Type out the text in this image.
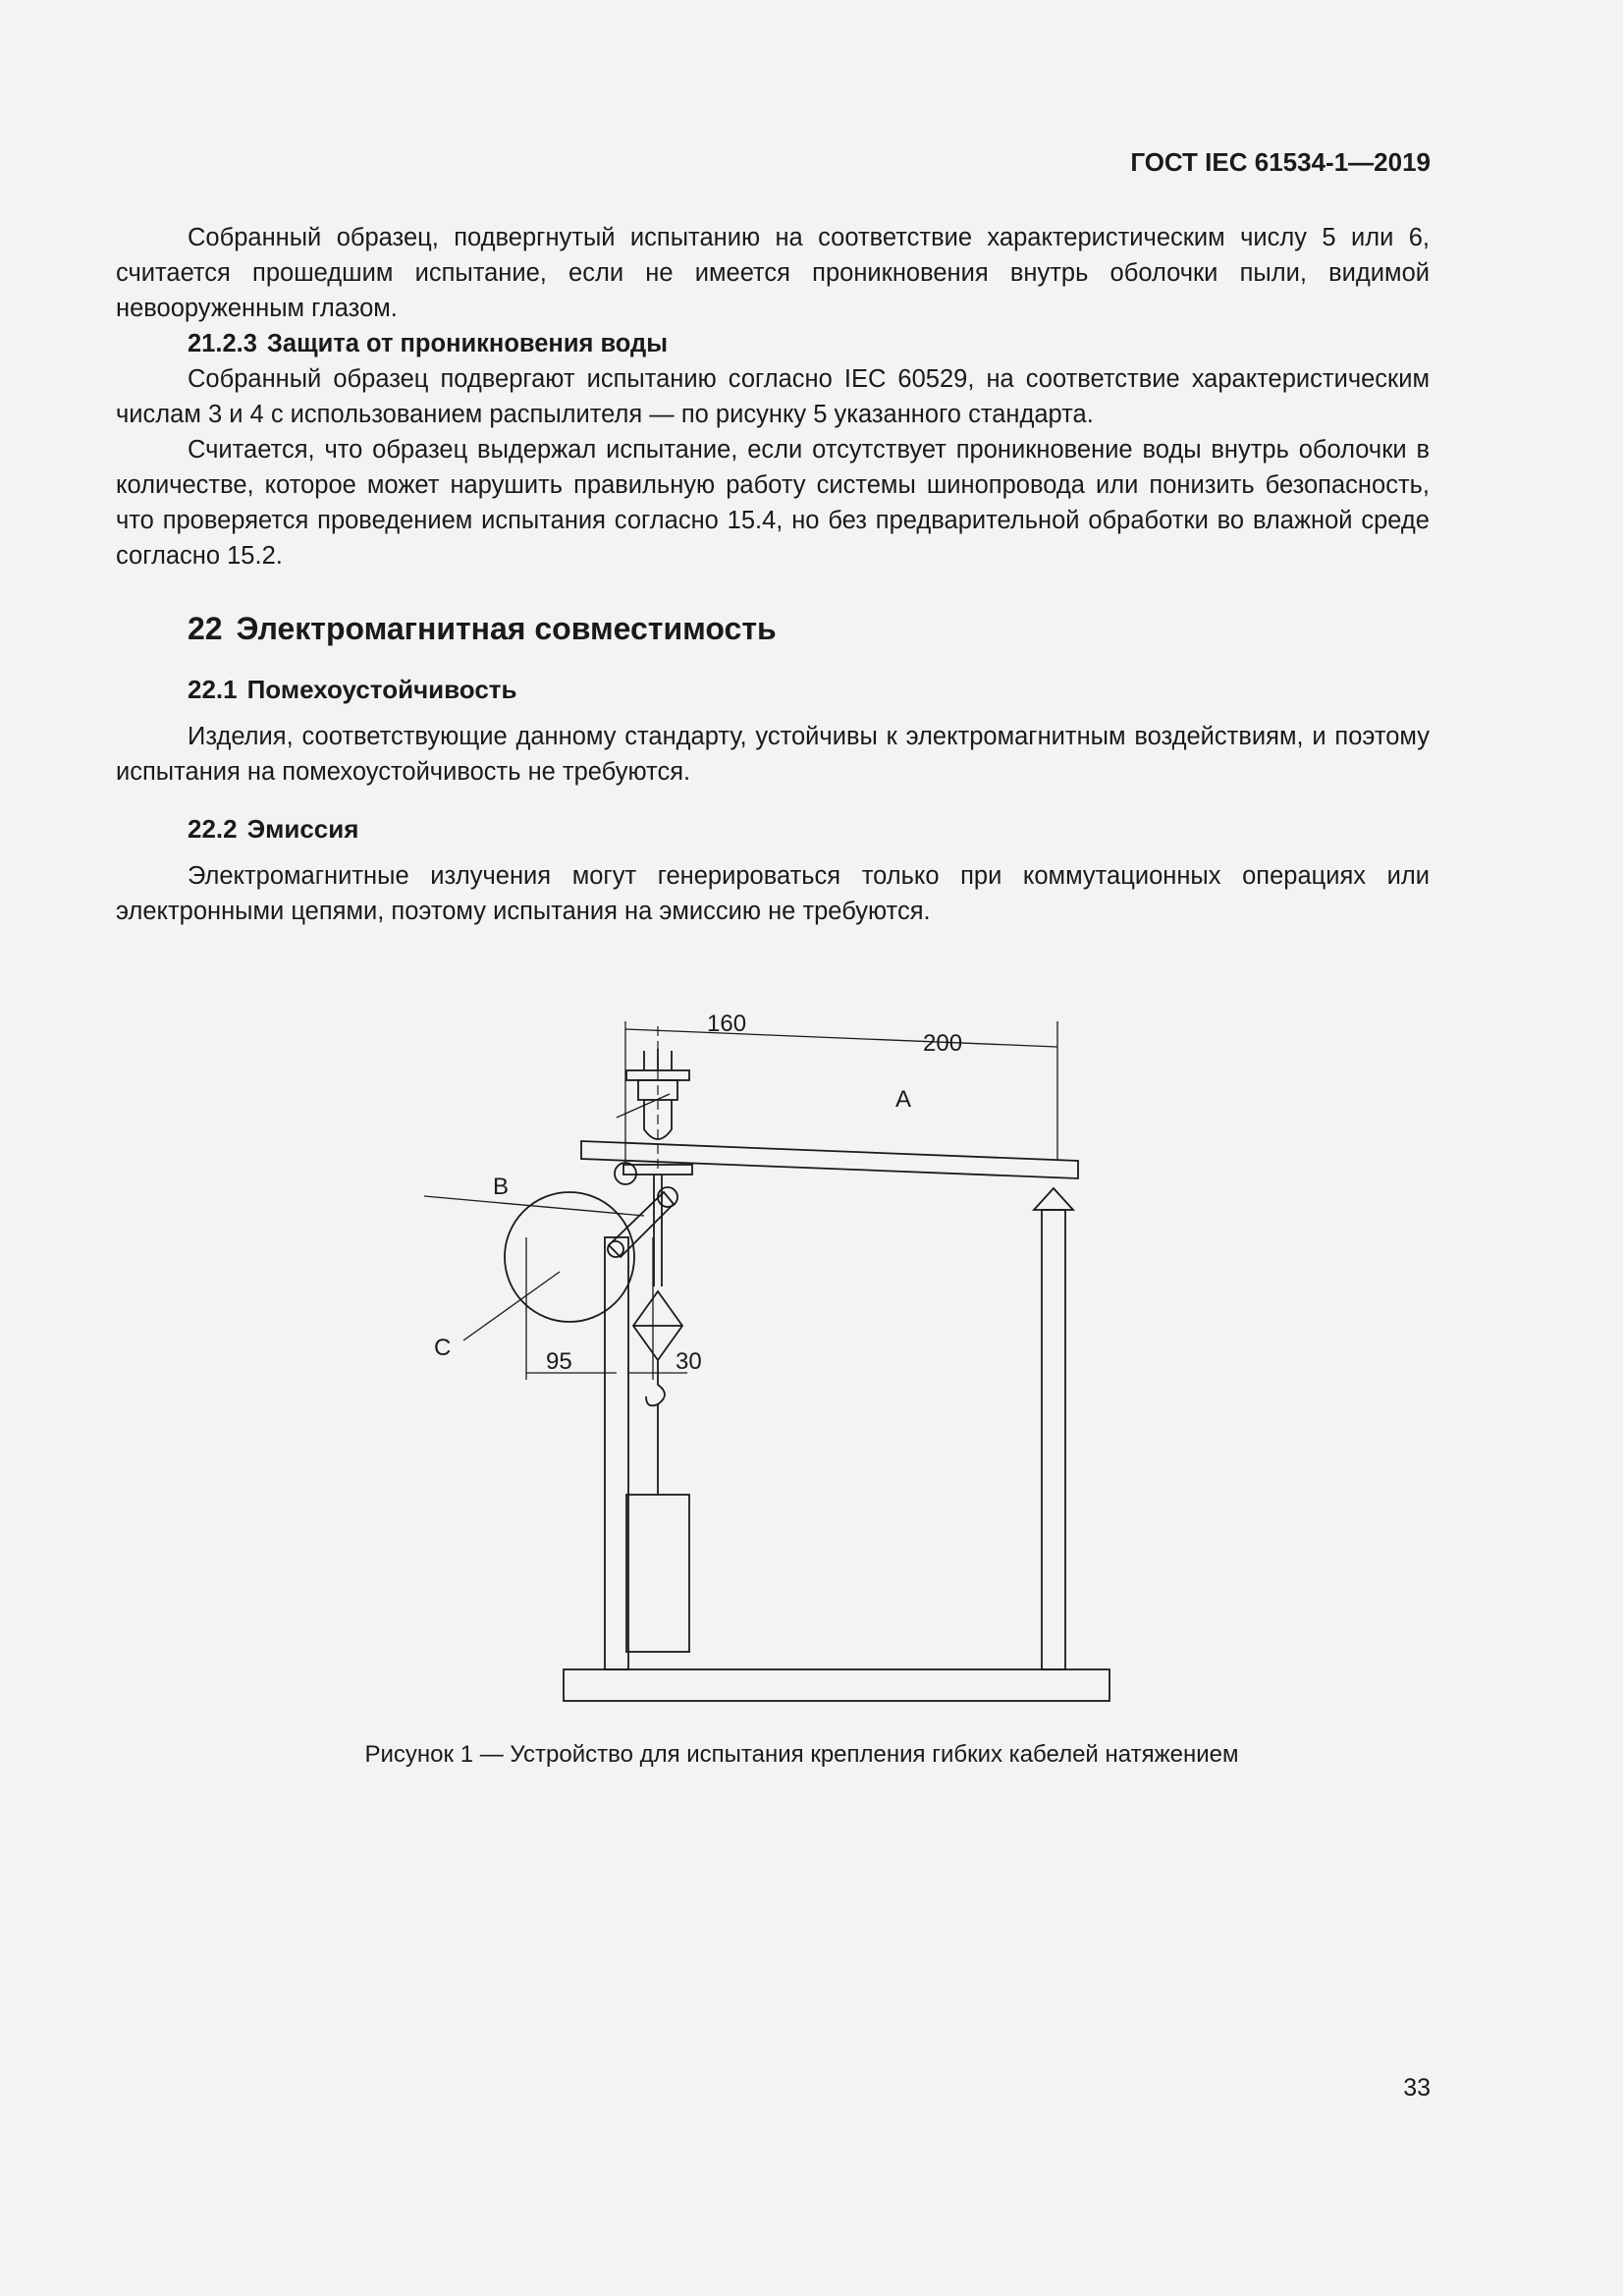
ГОСТ IEC 61534-1—2019

Собранный образец, подвергнутый испытанию на соответствие характеристическим числу 5 или 6, считается прошедшим испытание, если не имеется проникновения внутрь оболочки пыли, видимой невооруженным глазом.

21.2.3 Защита от проникновения воды

Собранный образец подвергают испытанию согласно IEC 60529, на соответствие характеристическим числам 3 и 4 с использованием распылителя — по рисунку 5 указанного стандарта.

Считается, что образец выдержал испытание, если отсутствует проникновение воды внутрь оболочки в количестве, которое может нарушить правильную работу системы шинопровода или понизить безопасность, что проверяется проведением испытания согласно 15.4, но без предварительной обработки во влажной среде согласно 15.2.

22 Электромагнитная совместимость
22.1 Помехоустойчивость

Изделия, соответствующие данному стандарту, устойчивы к электромагнитным воздействиям, и поэтому испытания на помехоустойчивость не требуются.

22.2 Эмиссия

Электромагнитные излучения могут генерироваться только при коммутационных операциях или электронными цепями, поэтому испытания на эмиссию не требуются.

160
200
95	30
A
B
C
Рисунок 1 — Устройство для испытания крепления гибких кабелей натяжением
33
